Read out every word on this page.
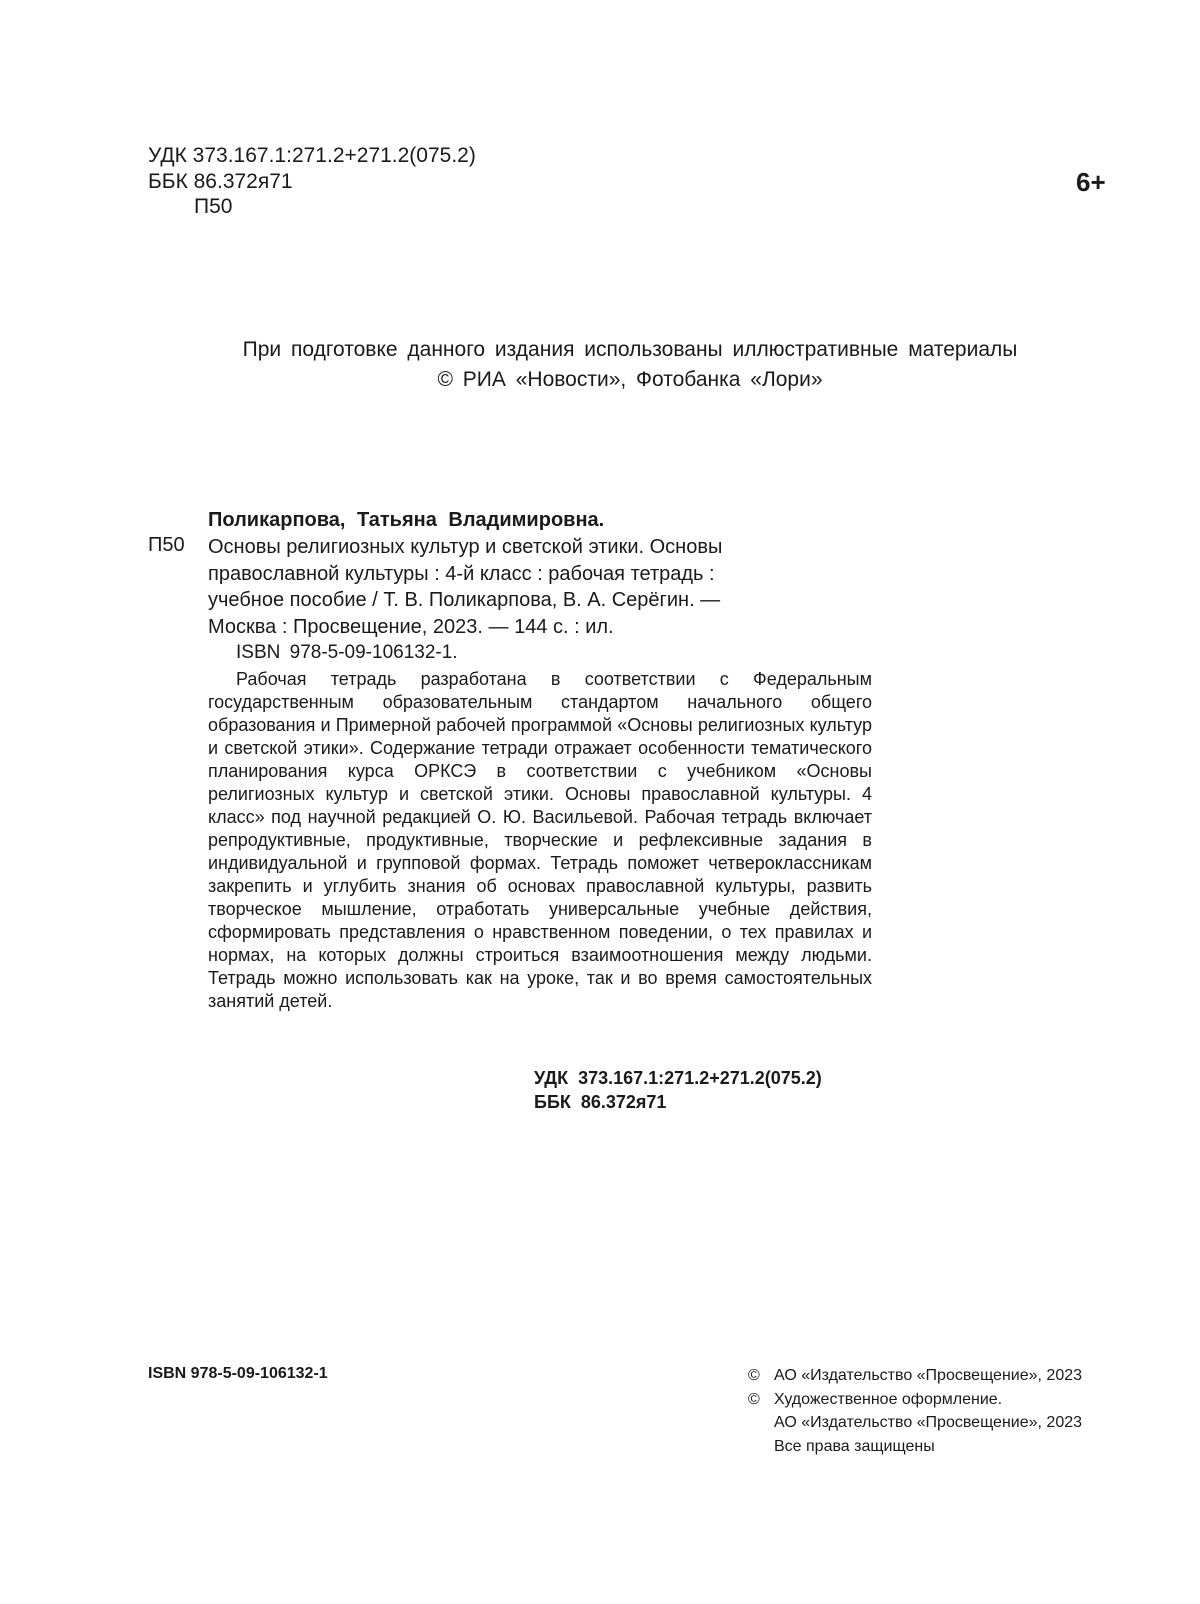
УДК 373.167.1:271.2+271.2(075.2)
ББК 86.372я71
П50
6+
При подготовке данного издания использованы иллюстративные материалы
© РИА «Новости», Фотобанка «Лори»
Поликарпова, Татьяна Владимировна.
П50 Основы религиозных культур и светской этики. Основы

православной культуры : 4-й класс : рабочая тетрадь :

учебное пособие / Т. В. Поликарпова, В. А. Серёгин. —

Москва : Просвещение, 2023. — 144 с. : ил.

ISBN 978-5-09-106132-1.

Рабочая тетрадь разработана в соответствии с Федеральным государственным образовательным стандартом начального общего образования и Примерной рабочей программой «Основы религиозных культур и светской этики». Содержание тетради отражает особенности тематического планирования курса ОРКСЭ в соответствии с учебником «Основы религиозных культур и светской этики. Основы православной культуры. 4 класс» под научной редакцией О. Ю. Васильевой. Рабочая тетрадь включает репродуктивные, продуктивные, творческие и рефлексивные задания в индивидуальной и групповой формах. Тетрадь поможет четвероклассникам закрепить и углубить знания об основах православной культуры, развить творческое мышление, отработать универсальные учебные действия, сформировать представления о нравственном поведении, о тех правилах и нормах, на которых должны строиться взаимоотношения между людьми. Тетрадь можно использовать как на уроке, так и во время самостоятельных занятий детей.

УДК  373.167.1:271.2+271.2(075.2)
ББК  86.372я71
ISBN 978-5-09-106132-1	© АО «Издательство «Просвещение», 2023
© Художественное оформление.
АО «Издательство «Просвещение», 2023
Все права защищены
